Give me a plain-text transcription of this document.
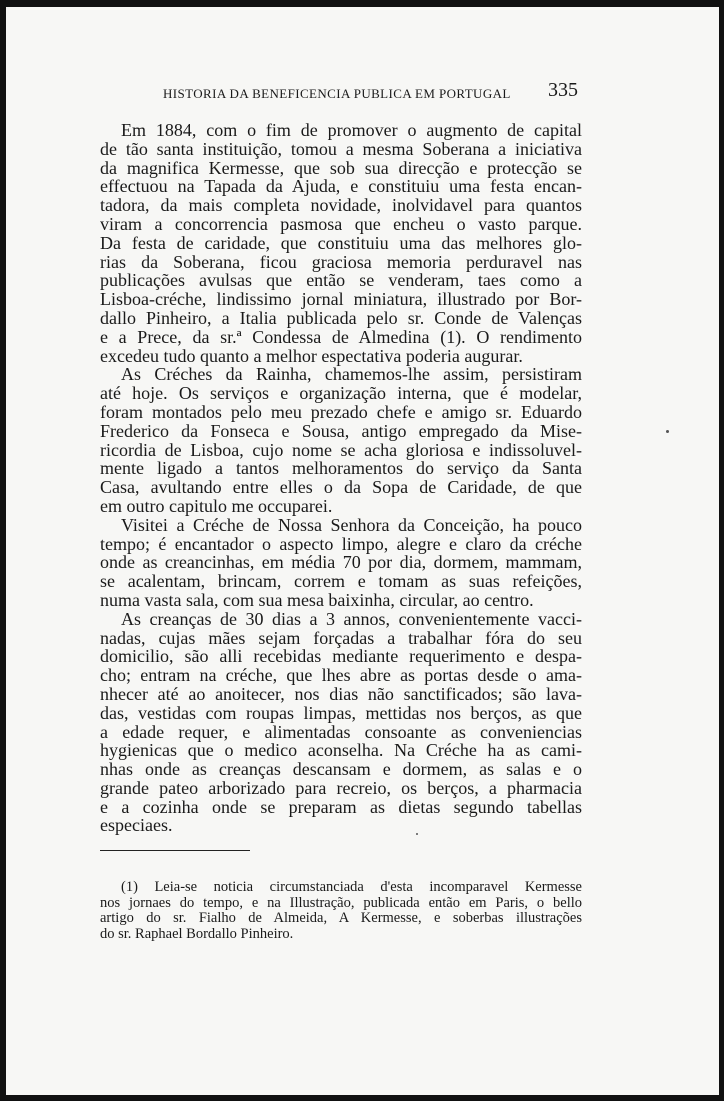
HISTORIA DA BENEFICENCIA PUBLICA EM PORTUGAL 335
Em 1884, com o fim de promover o augmento de capital
de tão santa instituição, tomou a mesma Soberana a iniciativa
da magnifica Kermesse, que sob sua direcção e protecção se
effectuou na Tapada da Ajuda, e constituiu uma festa encan-
tadora, da mais completa novidade, inolvidavel para quantos
viram a concorrencia pasmosa que encheu o vasto parque.
Da festa de caridade, que constituiu uma das melhores glo-
rias da Soberana, ficou graciosa memoria perduravel nas
publicações avulsas que então se venderam, taes como a
Lisboa-créche, lindissimo jornal miniatura, illustrado por Bor-
dallo Pinheiro, a Italia publicada pelo sr. Conde de Valenças
e a Prece, da sr.ª Condessa de Almedina (1). O rendimento
excedeu tudo quanto a melhor espectativa poderia augurar.
As Créches da Rainha, chamemos-lhe assim, persistiram
até hoje. Os serviços e organização interna, que é modelar,
foram montados pelo meu prezado chefe e amigo sr. Eduardo
Frederico da Fonseca e Sousa, antigo empregado da Mise-
ricordia de Lisboa, cujo nome se acha gloriosa e indissoluvel-
mente ligado a tantos melhoramentos do serviço da Santa
Casa, avultando entre elles o da Sopa de Caridade, de que
em outro capitulo me occuparei.
Visitei a Créche de Nossa Senhora da Conceição, ha pouco
tempo; é encantador o aspecto limpo, alegre e claro da créche
onde as creancinhas, em média 70 por dia, dormem, mammam,
se acalentam, brincam, correm e tomam as suas refeições,
numa vasta sala, com sua mesa baixinha, circular, ao centro.
As creanças de 30 dias a 3 annos, convenientemente vacci-
nadas, cujas mães sejam forçadas a trabalhar fóra do seu
domicilio, são alli recebidas mediante requerimento e despa-
cho; entram na créche, que lhes abre as portas desde o ama-
nhecer até ao anoitecer, nos dias não sanctificados; são lava-
das, vestidas com roupas limpas, mettidas nos berços, as que
a edade requer, e alimentadas consoante as conveniencias
hygienicas que o medico aconselha. Na Créche ha as cami-
nhas onde as creanças descansam e dormem, as salas e o
grande pateo arborizado para recreio, os berços, a pharmacia
e a cozinha onde se preparam as dietas segundo tabellas
especiaes.
(1) Leia-se noticia circumstanciada d'esta incomparavel Kermesse
nos jornaes do tempo, e na Illustração, publicada então em Paris, o bello
artigo do sr. Fialho de Almeida, A Kermesse, e soberbas illustrações
do sr. Raphael Bordallo Pinheiro.
